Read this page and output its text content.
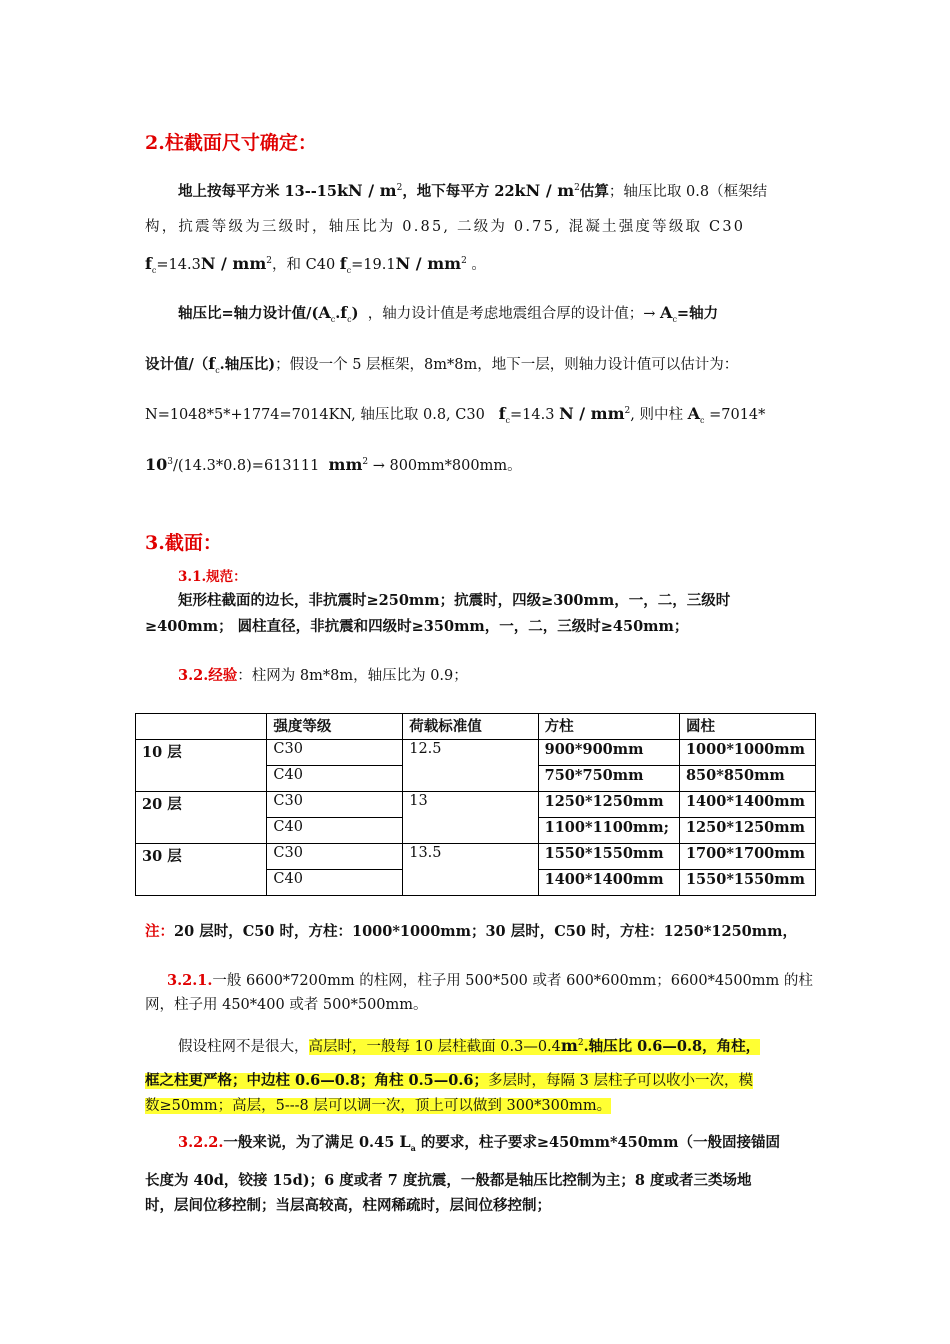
2.柱截面尺寸确定：
地上按每平方米 $13--15kN / m^2$，地下每平方 $22kN / m^2$估算；轴压比取 0.8（框架结
构，抗震等级为三级时，轴压比为 0.85, 二级为 0.75, 混凝土强度等级取 C30
$f_c=14.3N / mm^2$，和 C40 $f_c=19.1N / mm^2$ 。
轴压比=轴力设计值$/(A_c.f_c)$ ，轴力设计值是考虑地震组合厚的设计值；→ $A_c=$轴力
设计值$/(f_c$.轴压比)；假设一个 5 层框架，8m*8m，地下一层，则轴力设计值可以估计为：
N=1048*5*+1774=7014KN, 轴压比取 0.8, C30 $f_c=14.3$ N / $mm^2$, 则中柱 $A_c =7014*$
$10^3/(14.3*0.8)=613111$ $mm^2 \to 800mm*800mm$。
3.截面：
3.1.规范：
矩形柱截面的边长，非抗震时≥250mm；抗震时，四级≥300mm，一，二，三级时
≥400mm； 圆柱直径，非抗震和四级时≥350mm，一，二，三级时≥450mm；
3.2.经验：柱网为 8m*8m，轴压比为 0.9；
	强度等级	荷载标准值	方柱	圆柱
10 层	C30	12.5	900*900mm	1000*1000mm
	C40		750*750mm	850*850mm
20 层	C30	13	1250*1250mm	1400*1400mm
	C40		1100*1100mm;	1250*1250mm
30 层	C30	13.5	1550*1550mm	1700*1700mm
	C40		1400*1400mm	1550*1550mm
注：20 层时，C50 时，方柱：1000*1000mm；30 层时，C50 时，方柱：1250*1250mm，
3.2.1.一般 6600*7200mm 的柱网，柱子用 500*500 或者 600*600mm；6600*4500mm 的柱
网，柱子用 450*400 或者 500*500mm。
假设柱网不是很大，高层时，一般每 10 层柱截面 $0.3—0.4m^2$.轴压比 0.6—0.8，角柱，
框之柱更严格；中边柱 0.6—0.8；角柱 0.5—0.6；多层时，每隔 3 层柱子可以收小一次，模
数≥50mm；高层，5---8 层可以调一次，顶上可以做到 300*300mm。
3.2.2.一般来说，为了满足 0.45 $L_a$ 的要求，柱子要求≥450mm*450mm（一般固接锚固
长度为 40d，铰接 15d)；6 度或者 7 度抗震，一般都是轴压比控制为主；8 度或者三类场地
时，层间位移控制；当层高较高，柱网稀疏时，层间位移控制；
